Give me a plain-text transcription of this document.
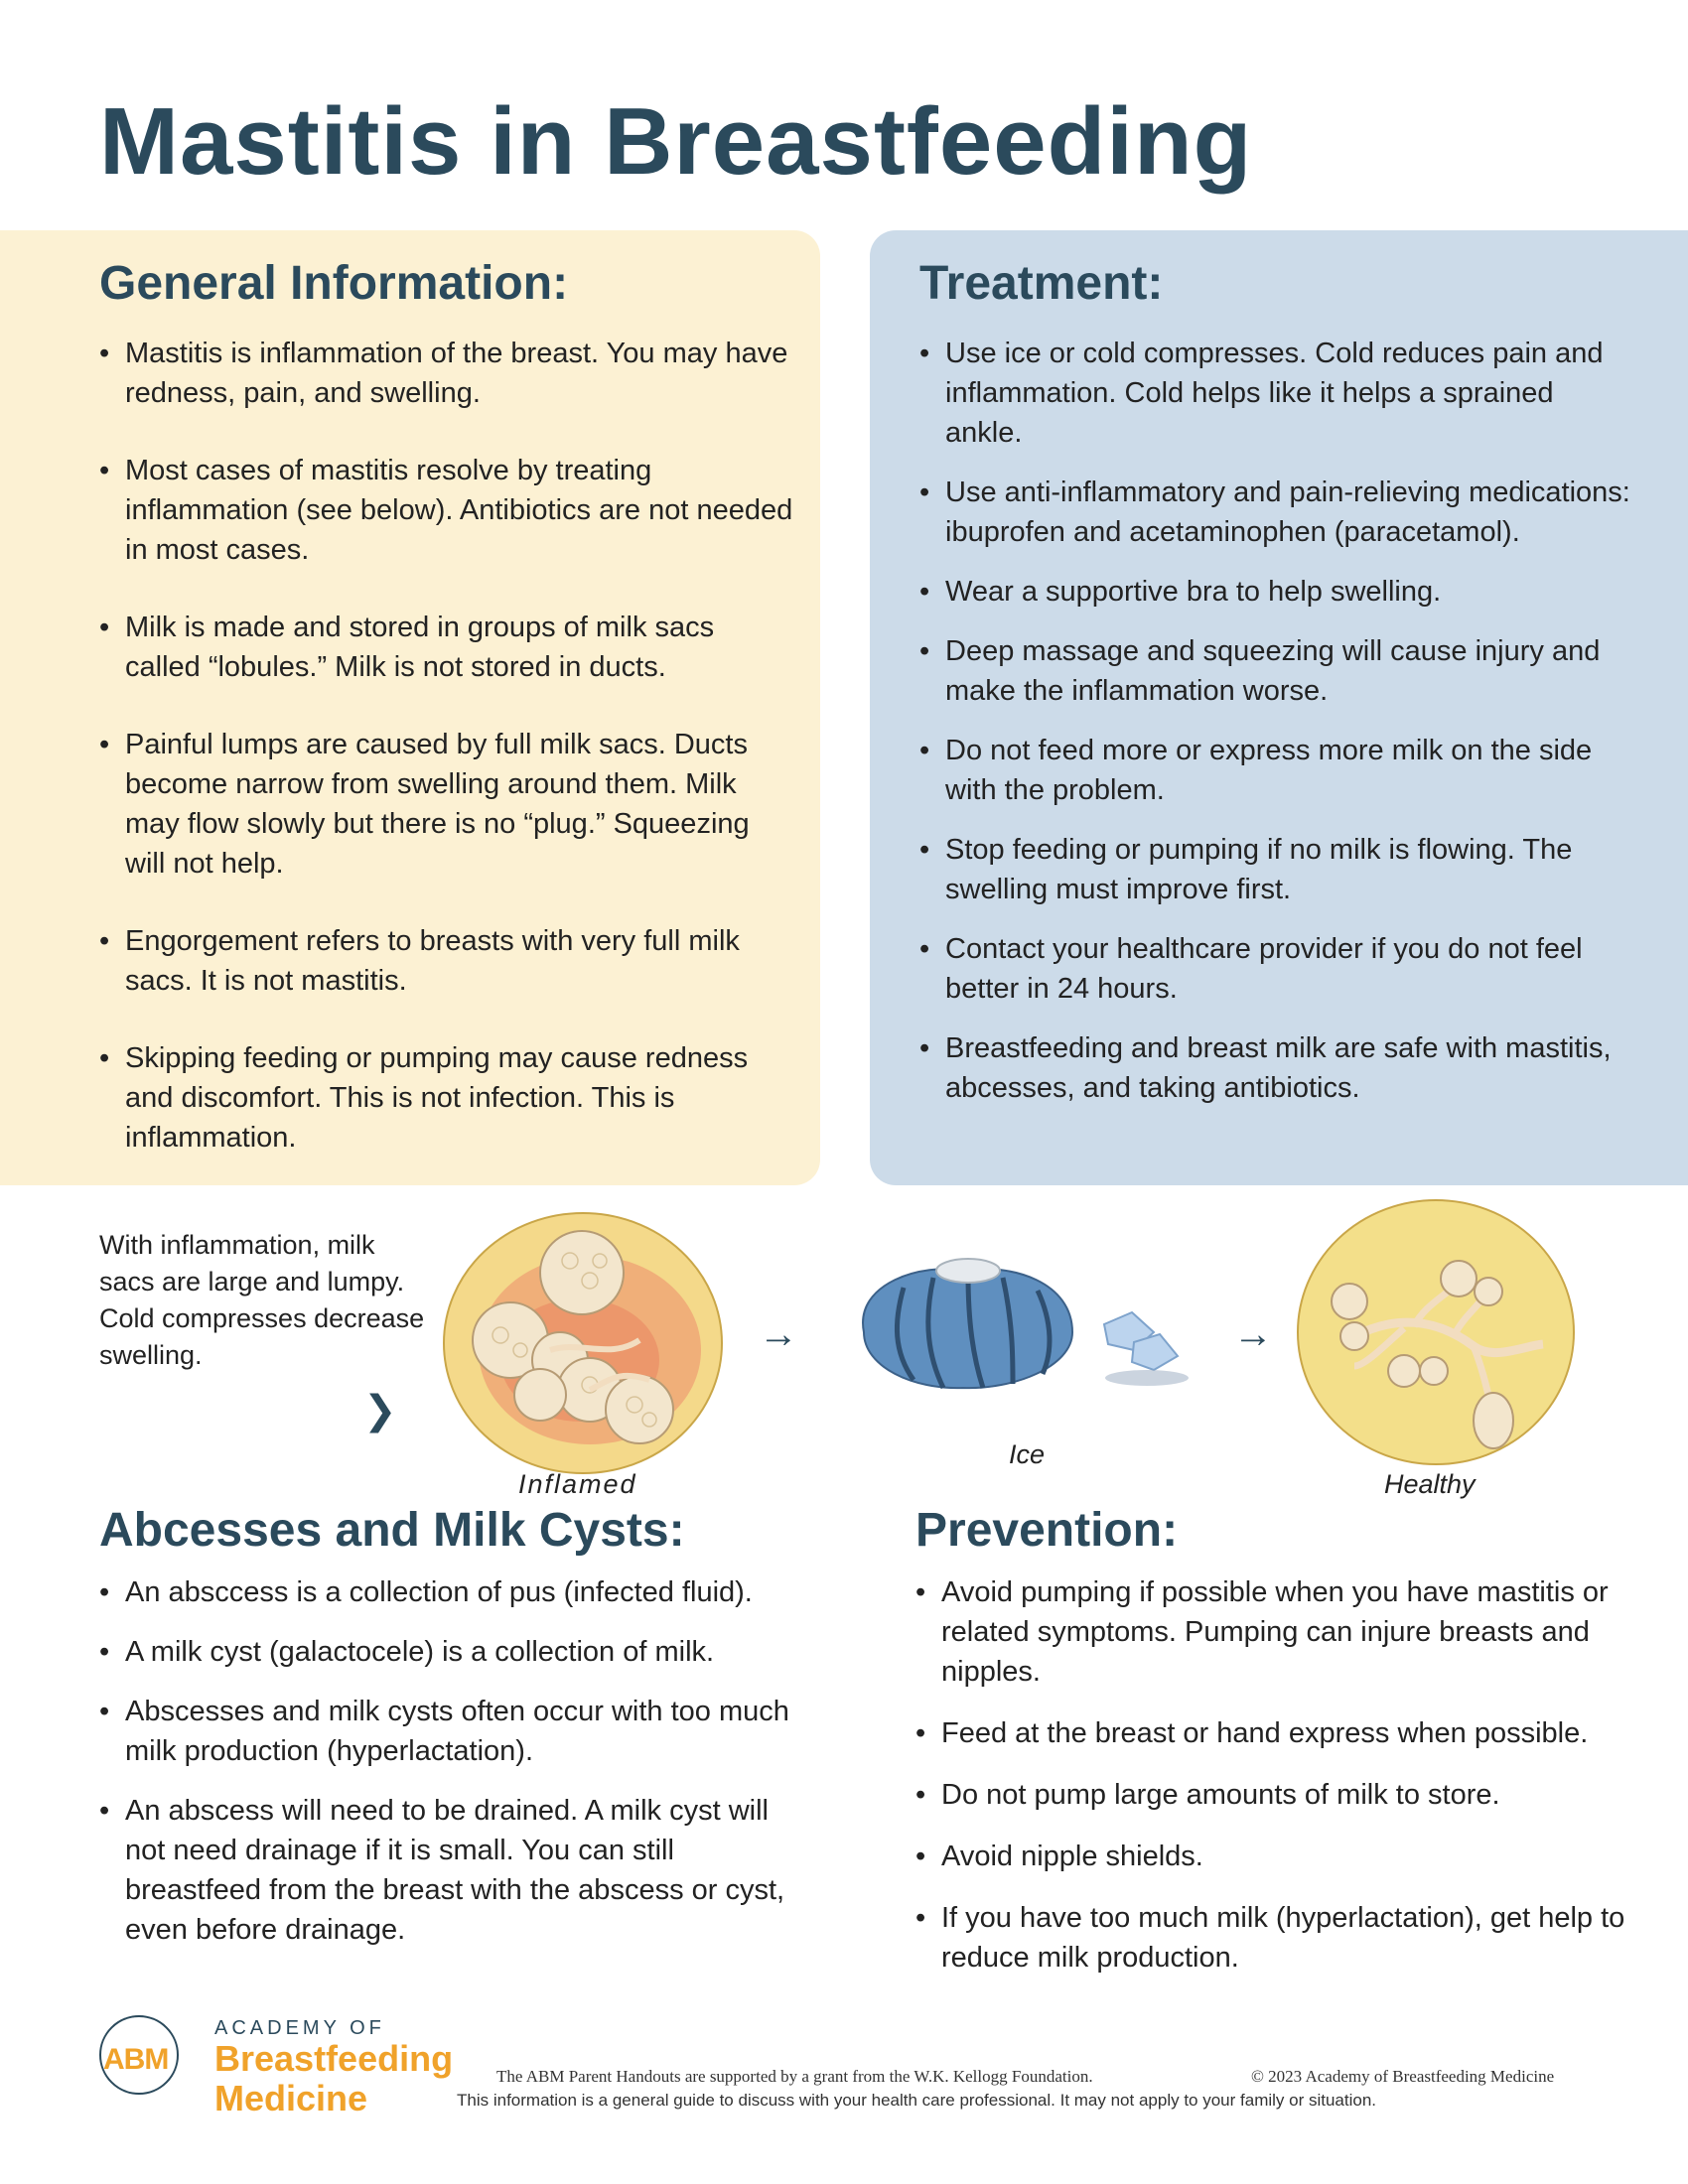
Mastitis in Breastfeeding
General Information:
• Mastitis is inflammation of the breast. You may have redness, pain, and swelling.
• Most cases of mastitis resolve by treating inflammation (see below). Antibiotics are not needed in most cases.
• Milk is made and stored in groups of milk sacs called “lobules.” Milk is not stored in ducts.
• Painful lumps are caused by full milk sacs. Ducts become narrow from swelling around them. Milk may flow slowly but there is no “plug.” Squeezing will not help.
• Engorgement refers to breasts with very full milk sacs. It is not mastitis.
• Skipping feeding or pumping may cause redness and discomfort. This is not infection. This is inflammation.
Treatment:
• Use ice or cold compresses. Cold reduces pain and inflammation. Cold helps like it helps a sprained ankle.
• Use anti-inflammatory and pain-relieving medications: ibuprofen and acetaminophen (paracetamol).
• Wear a supportive bra to help swelling.
• Deep massage and squeezing will cause injury and make the inflammation worse.
• Do not feed more or express more milk on the side with the problem.
• Stop feeding or pumping if no milk is flowing. The swelling must improve first.
• Contact your healthcare provider if you do not feel better in 24 hours.
• Breastfeeding and breast milk are safe with mastitis, abcesses, and taking antibiotics.
With inflammation, milk sacs are large and lumpy. Cold compresses decrease swelling.
❯
Inflamed
→
Ice
→
Healthy
Abcesses and Milk Cysts:
• An absccess is a collection of pus (infected fluid).
• A milk cyst (galactocele) is a collection of milk.
• Abscesses and milk cysts often occur with too much milk production (hyperlactation).
• An abscess will need to be drained. A milk cyst will not need drainage if it is small. You can still breastfeed from the breast with the abscess or cyst, even before drainage.
Prevention:
• Avoid pumping if possible when you have mastitis or related symptoms. Pumping can injure breasts and nipples.
• Feed at the breast or hand express when possible.
• Do not pump large amounts of milk to store.
• Avoid nipple shields.
• If you have too much milk (hyperlactation), get help to reduce milk production.
ABM
ACADEMY OF
Breastfeeding
Medicine
The ABM Parent Handouts are supported by a grant from the W.K. Kellogg Foundation.	© 2023 Academy of Breastfeeding Medicine
This information is a general guide to discuss with your health care professional. It may not apply to your family or situation.
